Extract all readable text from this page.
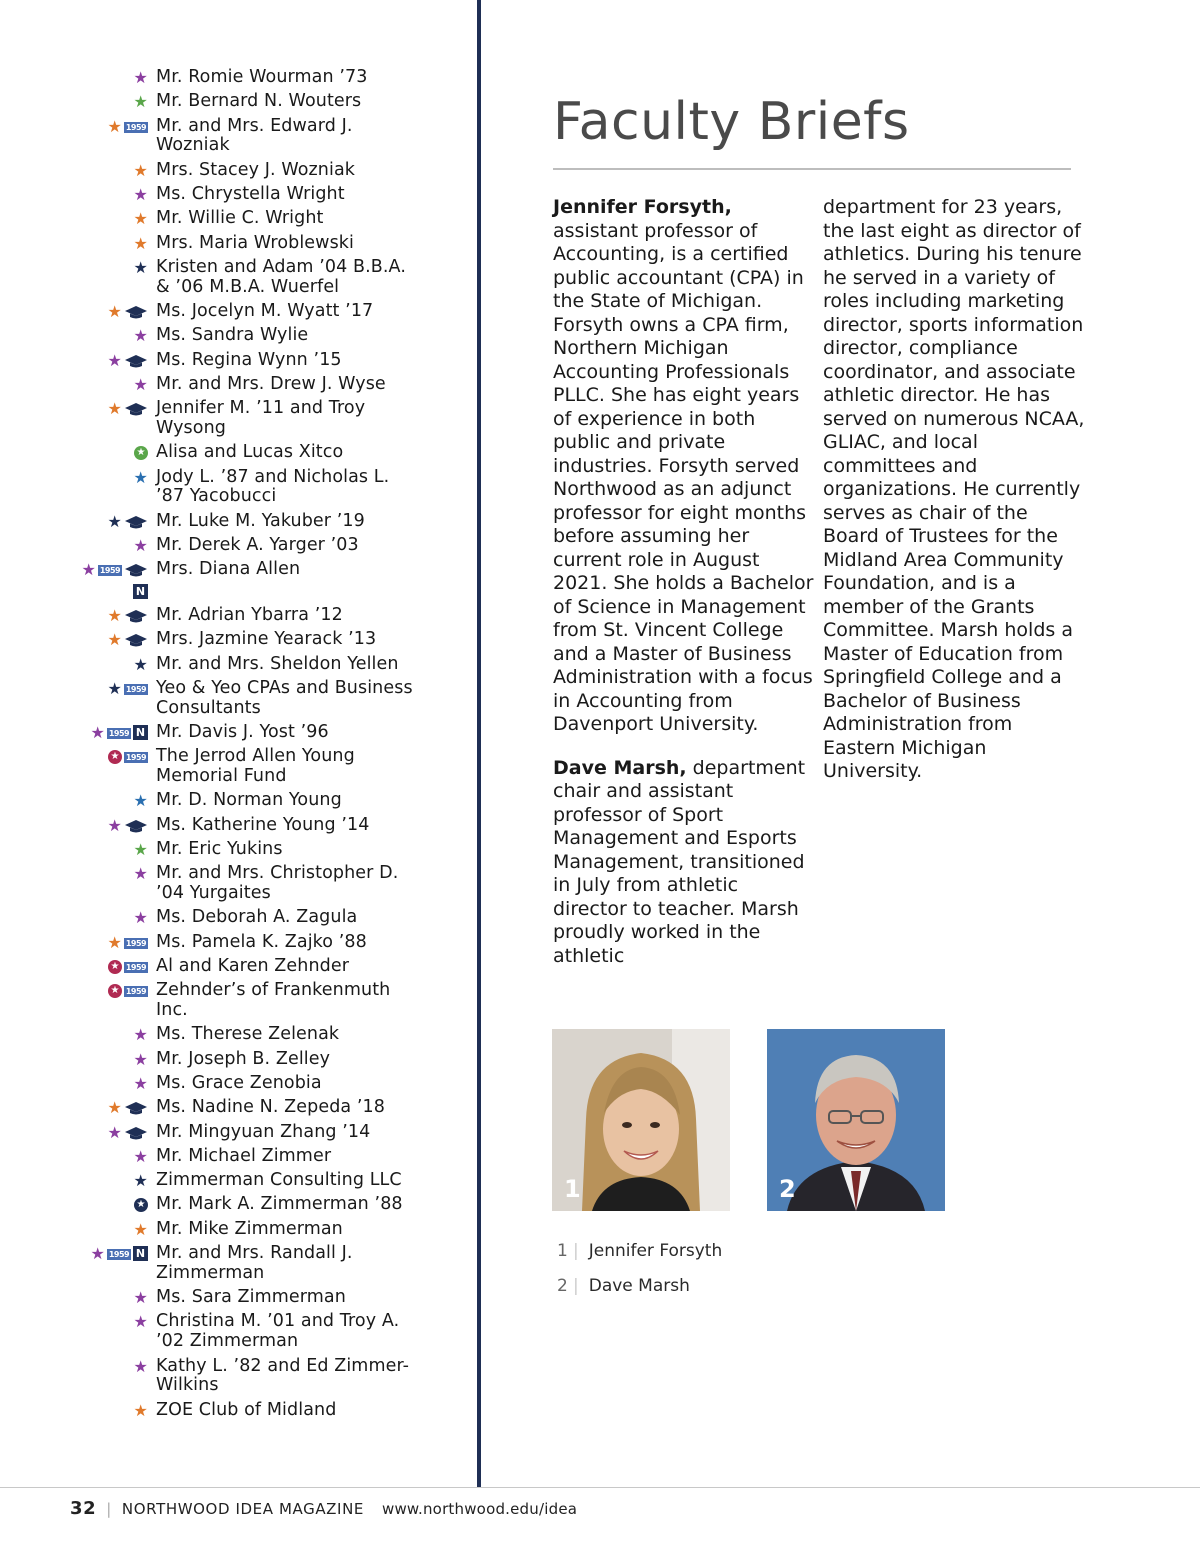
★ Mr. Romie Wourman ’73
★ Mr. Bernard N. Wouters
★ 1959 Mr. and Mrs. Edward J. Wozniak
★ Mrs. Stacey J. Wozniak
★ Ms. Chrystella Wright
★ Mr. Willie C. Wright
★ Mrs. Maria Wroblewski
★ Kristen and Adam ’04 B.B.A. & ’06 M.B.A. Wuerfel
★ Ms. Jocelyn M. Wyatt ’17
★ Ms. Sandra Wylie
★ Ms. Regina Wynn ’15
★ Mr. and Mrs. Drew J. Wyse
★ Jennifer M. ’11 and Troy Wysong
★ Alisa and Lucas Xitco
★ Jody L. ’87 and Nicholas L. ’87 Yacobucci
★ Mr. Luke M. Yakuber ’19
★ Mr. Derek A. Yarger ’03
★ 1959
N
Mrs. Diana Allen
★ Mr. Adrian Ybarra ’12
★ Mrs. Jazmine Yearack ’13
★ Mr. and Mrs. Sheldon Yellen
★ 1959 Yeo & Yeo CPAs and Business Consultants
★ 1959 N Mr. Davis J. Yost ’96
★ 1959 The Jerrod Allen Young Memorial Fund
★ Mr. D. Norman Young
★ Ms. Katherine Young ’14
★ Mr. Eric Yukins
★ Mr. and Mrs. Christopher D. ’04 Yurgaites
★ Ms. Deborah A. Zagula
★ 1959 Ms. Pamela K. Zajko ’88
★ 1959 Al and Karen Zehnder
★ 1959 Zehnder’s of Frankenmuth Inc.
★ Ms. Therese Zelenak
★ Mr. Joseph B. Zelley
★ Ms. Grace Zenobia
★ Ms. Nadine N. Zepeda ’18
★ Mr. Mingyuan Zhang ’14
★ Mr. Michael Zimmer
★ Zimmerman Consulting LLC
★ Mr. Mark A. Zimmerman ’88
★ Mr. Mike Zimmerman
★ 1959 N Mr. and Mrs. Randall J. Zimmerman
★ Ms. Sara Zimmerman
★ Christina M. ’01 and Troy A. ’02 Zimmerman
★ Kathy L. ’82 and Ed Zimmer-Wilkins
★ ZOE Club of Midland
Faculty Briefs

Jennifer Forsyth, assistant professor of Accounting, is a certified public accountant (CPA) in the State of Michigan. Forsyth owns a CPA firm, Northern Michigan Accounting Professionals PLLC. She has eight years of experience in both public and private industries. Forsyth served Northwood as an adjunct professor for eight months before assuming her current role in August 2021. She holds a Bachelor of Science in Management from St. Vincent College and a Master of Business Administration with a focus in Accounting from Davenport University.

Dave Marsh, department chair and assistant professor of Sport Management and Esports Management, transitioned in July from athletic director to teacher. Marsh proudly worked in the athletic

department for 23 years, the last eight as director of athletics. During his tenure he served in a variety of roles including marketing director, sports information director, compliance coordinator, and associate athletic director. He has served on numerous NCAA, GLIAC, and local committees and organizations. He currently serves as chair of the Board of Trustees for the Midland Area Community Foundation, and is a member of the Grants Committee. Marsh holds a Master of Education from Springfield College and a Bachelor of Business Administration from Eastern Michigan University.

1	2
1 | Jennifer Forsyth
2 | Dave Marsh
32 | NORTHWOOD IDEA MAGAZINE www.northwood.edu/idea
